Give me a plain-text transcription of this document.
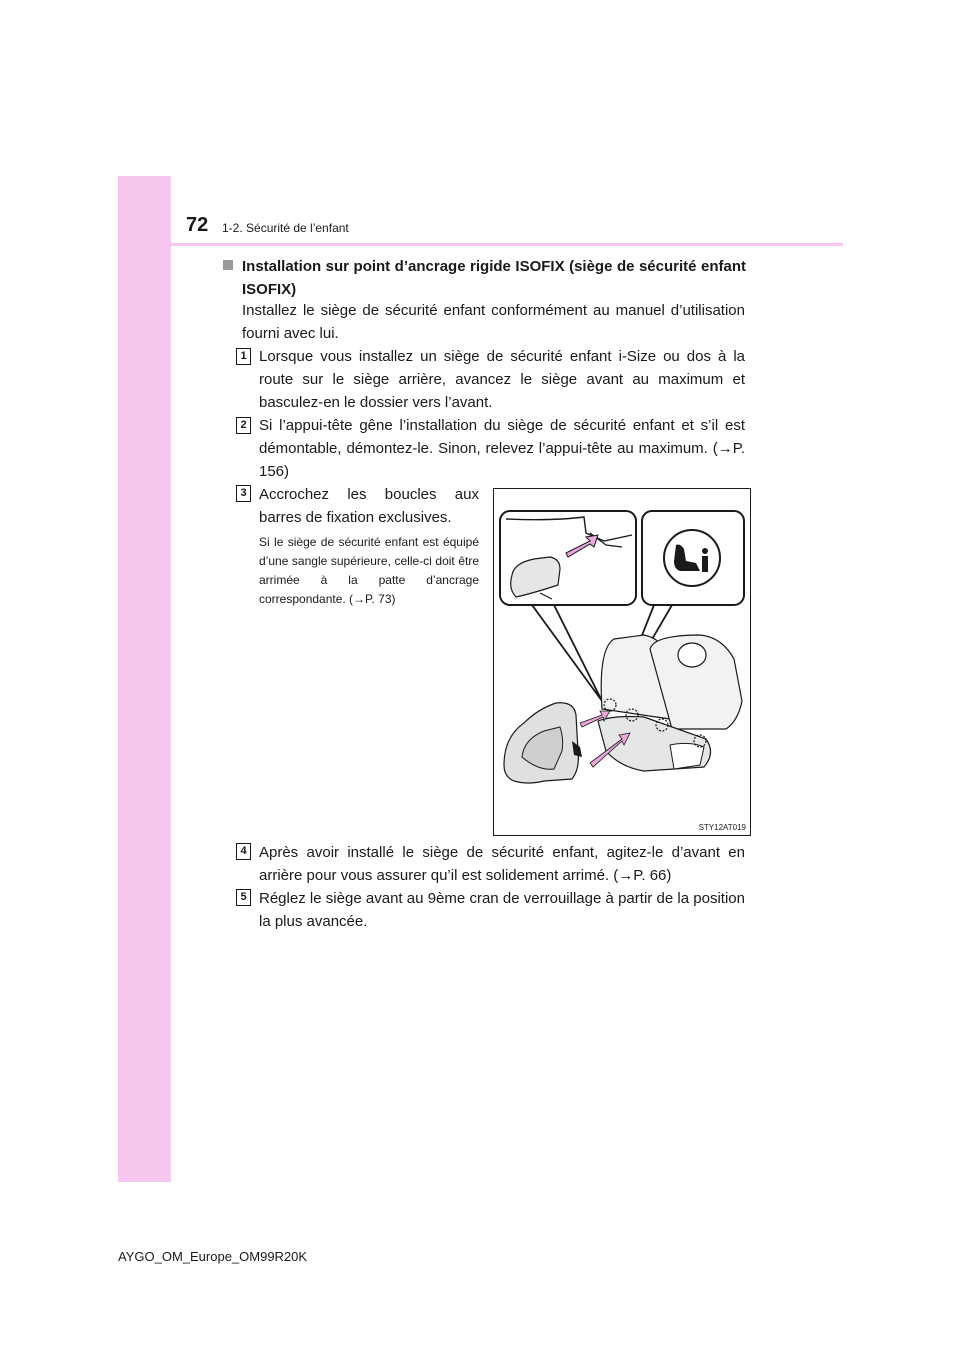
72 1-2. Sécurité de l’enfant
Installation sur point d’ancrage rigide ISOFIX (siège de sécurité enfant ISOFIX)
Installez le siège de sécurité enfant conformément au manuel d’utilisation fourni avec lui.
1 Lorsque vous installez un siège de sécurité enfant i-Size ou dos à la route sur le siège arrière, avancez le siège avant au maximum et basculez-en le dossier vers l’avant.
2 Si l’appui-tête gêne l’installation du siège de sécurité enfant et s’il est démontable, démontez-le. Sinon, relevez l’appui-tête au maximum. (→P. 156)
3 Accrochez les boucles aux barres de fixation exclusives.
Si le siège de sécurité enfant est équipé d’une sangle supérieure, celle-ci doit être arrimée à la patte d’ancrage correspondante. (→P. 73)
STY12AT019
4 Après avoir installé le siège de sécurité enfant, agitez-le d’avant en arrière pour vous assurer qu’il est solidement arrimé. (→P. 66)
5 Réglez le siège avant au 9ème cran de verrouillage à partir de la position la plus avancée.
AYGO_OM_Europe_OM99R20K
